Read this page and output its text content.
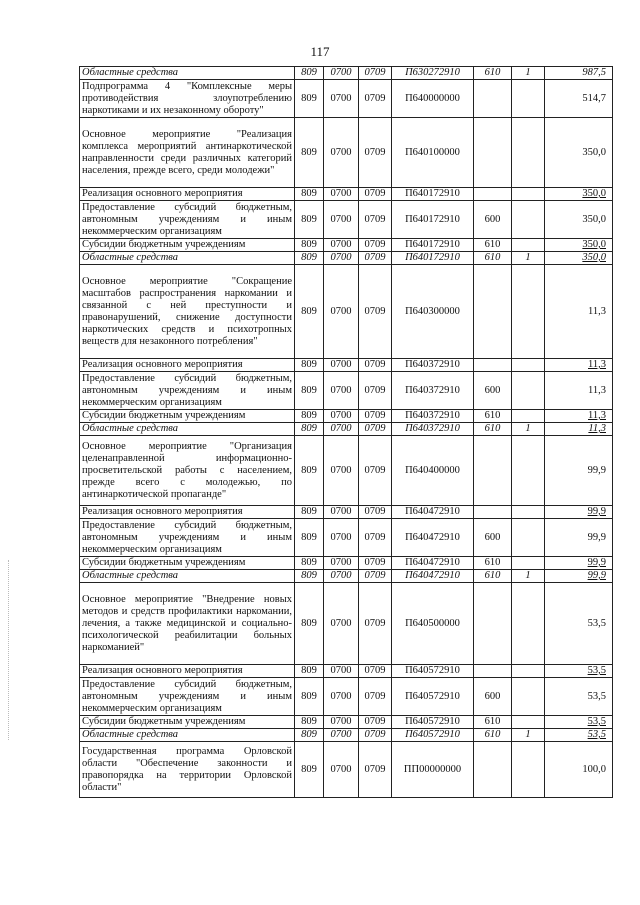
117
Областные средства	809	0700	0709	П630272910	610	1	987,5
Подпрограмма 4 "Комплексные меры противодействия злоупотреблению наркотиками и их незаконному обороту"	809	0700	0709	П640000000			514,7
Основное мероприятие "Реализация комплекса мероприятий антинаркотической направленности среди различных категорий населения, прежде всего, среди молодежи"	809	0700	0709	П640100000			350,0
Реализация основного мероприятия	809	0700	0709	П640172910			350,0
Предоставление субсидий бюджетным, автономным учреждениям и иным некоммерческим организациям	809	0700	0709	П640172910	600		350,0
Субсидии бюджетным учреждениям	809	0700	0709	П640172910	610		350,0
Областные средства	809	0700	0709	П640172910	610	1	350,0
Основное мероприятие "Сокращение масштабов распространения наркомании и связанной с ней преступности и правонарушений, снижение доступности наркотических средств и психотропных веществ для незаконного потребления"	809	0700	0709	П640300000			11,3
Реализация основного мероприятия	809	0700	0709	П640372910			11,3
Предоставление субсидий бюджетным, автономным учреждениям и иным некоммерческим организациям	809	0700	0709	П640372910	600		11,3
Субсидии бюджетным учреждениям	809	0700	0709	П640372910	610		11,3
Областные средства	809	0700	0709	П640372910	610	1	11,3
Основное мероприятие "Организация целенаправленной информационно-просветительской работы с населением, прежде всего с молодежью, по антинаркотической пропаганде"	809	0700	0709	П640400000			99,9
Реализация основного мероприятия	809	0700	0709	П640472910			99,9
Предоставление субсидий бюджетным, автономным учреждениям и иным некоммерческим организациям	809	0700	0709	П640472910	600		99,9
Субсидии бюджетным учреждениям	809	0700	0709	П640472910	610		99,9
Областные средства	809	0700	0709	П640472910	610	1	99,9
Основное мероприятие "Внедрение новых методов и средств профилактики наркомании, лечения, а также медицинской и социально-психологической реабилитации больных наркоманией"	809	0700	0709	П640500000			53,5
Реализация основного мероприятия	809	0700	0709	П640572910			53,5
Предоставление субсидий бюджетным, автономным учреждениям и иным некоммерческим организациям	809	0700	0709	П640572910	600		53,5
Субсидии бюджетным учреждениям	809	0700	0709	П640572910	610		53,5
Областные средства	809	0700	0709	П640572910	610	1	53,5
Государственная программа Орловской области "Обеспечение законности и правопорядка на территории Орловской области"	809	0700	0709	ПП00000000			100,0
